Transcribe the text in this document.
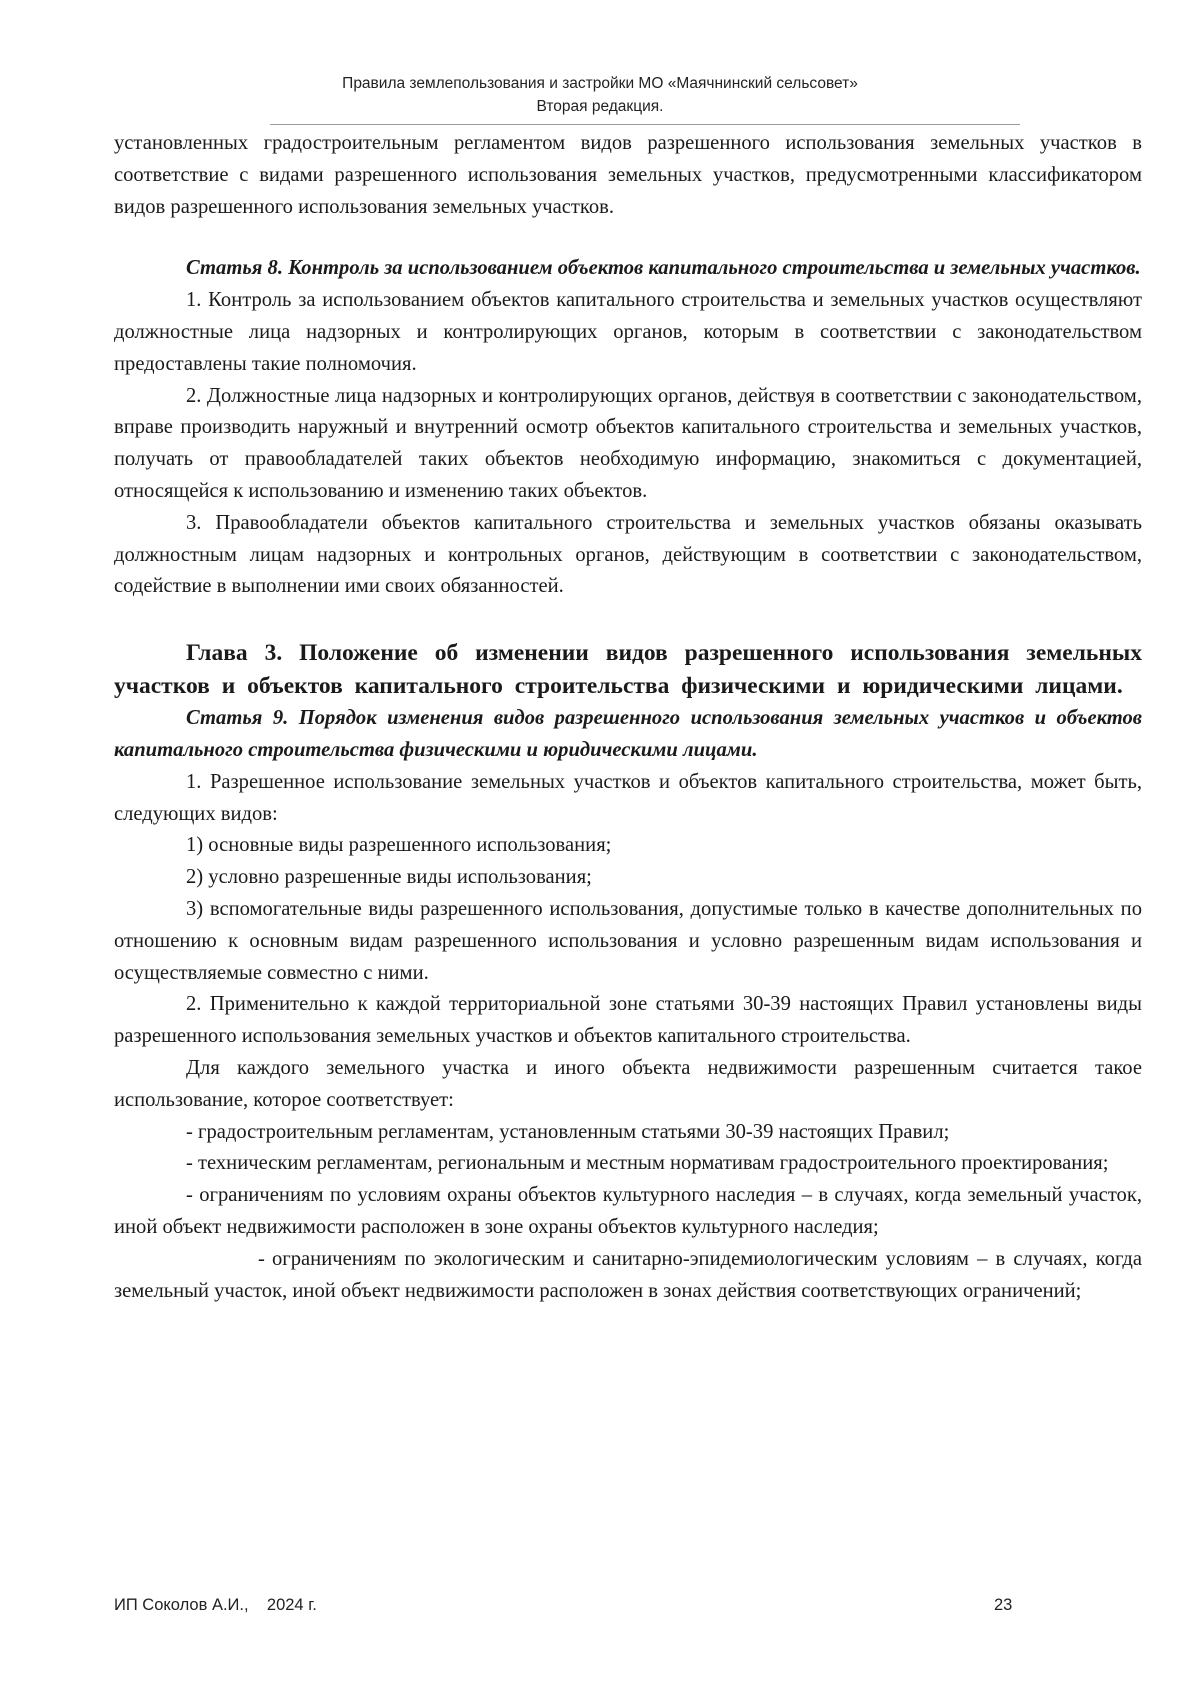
Правила землепользования и застройки МО «Маячнинский сельсовет»
Вторая редакция.

установленных градостроительным регламентом видов разрешенного использования земельных участков в соответствие с видами разрешенного использования земельных участков, предусмотренными классификатором видов разрешенного использования земельных участков.

Статья 8. Контроль за использованием объектов капитального строительства и земельных участков.

1. Контроль за использованием объектов капитального строительства и земельных участков осуществляют должностные лица надзорных и контролирующих органов, которым в соответствии с законодательством предоставлены такие полномочия.

2. Должностные лица надзорных и контролирующих органов, действуя в соответствии с законодательством, вправе производить наружный и внутренний осмотр объектов капитального строительства и земельных участков, получать от правообладателей таких объектов необходимую информацию, знакомиться с документацией, относящейся к использованию и изменению таких объектов.

3. Правообладатели объектов капитального строительства и земельных участков обязаны оказывать должностным лицам надзорных и контрольных органов, действующим в соответствии с законодательством, содействие в выполнении ими своих обязанностей.

Глава 3. Положение об изменении видов разрешенного использования земельных участков и объектов капитального строительства физическими и юридическими лицами.

Статья 9. Порядок изменения видов разрешенного использования земельных участков и объектов капитального строительства физическими и юридическими лицами.

1. Разрешенное использование земельных участков и объектов капитального строительства, может быть, следующих видов:

1) основные виды разрешенного использования;

2) условно разрешенные виды использования;

3) вспомогательные виды разрешенного использования, допустимые только в качестве дополнительных по отношению к основным видам разрешенного использования и условно разрешенным видам использования и осуществляемые совместно с ними.

2. Применительно к каждой территориальной зоне статьями 30-39 настоящих Правил установлены виды разрешенного использования земельных участков и объектов капитального строительства.

Для каждого земельного участка и иного объекта недвижимости разрешенным считается такое использование, которое соответствует:

- градостроительным регламентам, установленным статьями 30-39 настоящих Правил;

- техническим регламентам, региональным и местным нормативам градостроительного проектирования;

- ограничениям по условиям охраны объектов культурного наследия – в случаях, когда земельный участок, иной объект недвижимости расположен в зоне охраны объектов культурного наследия;

- ограничениям по экологическим и санитарно-эпидемиологическим условиям – в случаях, когда земельный участок, иной объект недвижимости расположен в зонах действия соответствующих ограничений;

ИП Соколов А.И.,    2024 г.	23
